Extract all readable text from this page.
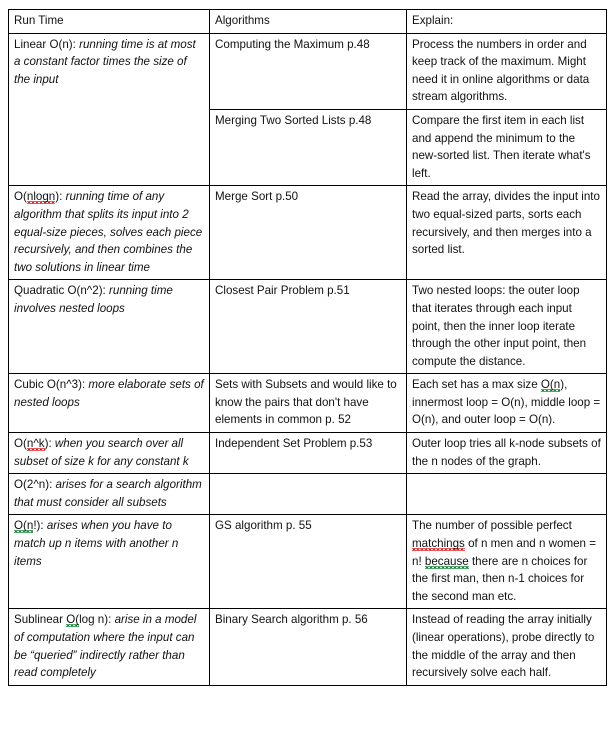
Run Time	Algorithms	Explain:
Linear O(n): running time is at most a constant factor times the size of the input	Computing the Maximum p.48	Process the numbers in order and keep track of the maximum. Might need it in online algorithms or data stream algorithms.
	Merging Two Sorted Lists p.48	Compare the first item in each list and append the minimum to the new-sorted list. Then iterate what's left.
O(nlogn): running time of any algorithm that splits its input into 2 equal-size pieces, solves each piece recursively, and then combines the two solutions in linear time	Merge Sort p.50	Read the array, divides the input into two equal-sized parts, sorts each recursively, and then merges into a sorted list.
Quadratic O(n^2): running time involves nested loops	Closest Pair Problem p.51	Two nested loops: the outer loop that iterates through each input point, then the inner loop iterate through the other input point, then compute the distance.
Cubic O(n^3): more elaborate sets of nested loops	Sets with Subsets and would like to know the pairs that don't have elements in common p. 52	Each set has a max size O(n), innermost loop = O(n), middle loop = O(n), and outer loop = O(n).
O(n^k): when you search over all subset of size k for any constant k	Independent Set Problem p.53	Outer loop tries all k-node subsets of the n nodes of the graph.
O(2^n): arises for a search algorithm that must consider all subsets		
O(n!): arises when you have to match up n items with another n items	GS algorithm p. 55	The number of possible perfect matchings of n men and n women = n! because there are n choices for the first man, then n-1 choices for the second man etc.
Sublinear O(log n): arise in a model of computation where the input can be “queried” indirectly rather than read completely	Binary Search algorithm p. 56	Instead of reading the array initially (linear operations), probe directly to the middle of the array and then recursively solve each half.
